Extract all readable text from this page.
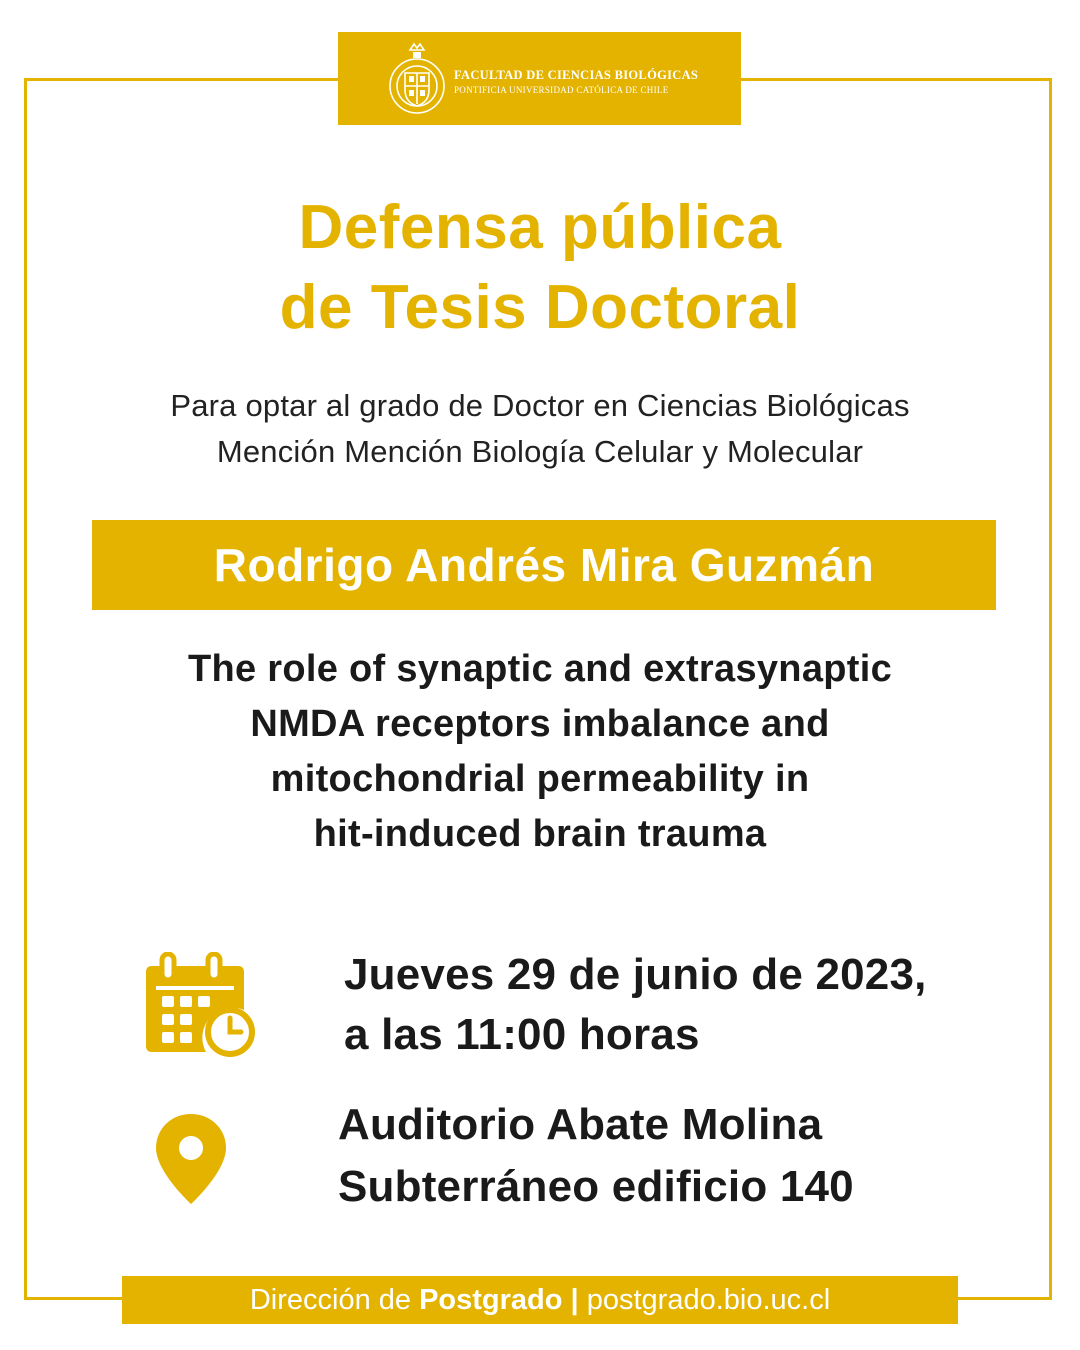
FACULTAD DE CIENCIAS BIOLÓGICAS
PONTIFICIA UNIVERSIDAD CATÓLICA DE CHILE
Defensa pública
de Tesis Doctoral
Para optar al grado de Doctor en Ciencias Biológicas
Mención Mención Biología Celular y Molecular
Rodrigo Andrés Mira Guzmán
The role of synaptic and extrasynaptic
NMDA receptors imbalance and
mitochondrial permeability in
hit-induced brain trauma
Jueves 29 de junio de 2023,
a las 11:00 horas
Auditorio Abate Molina
Subterráneo edificio 140
Dirección de Postgrado | postgrado.bio.uc.cl
